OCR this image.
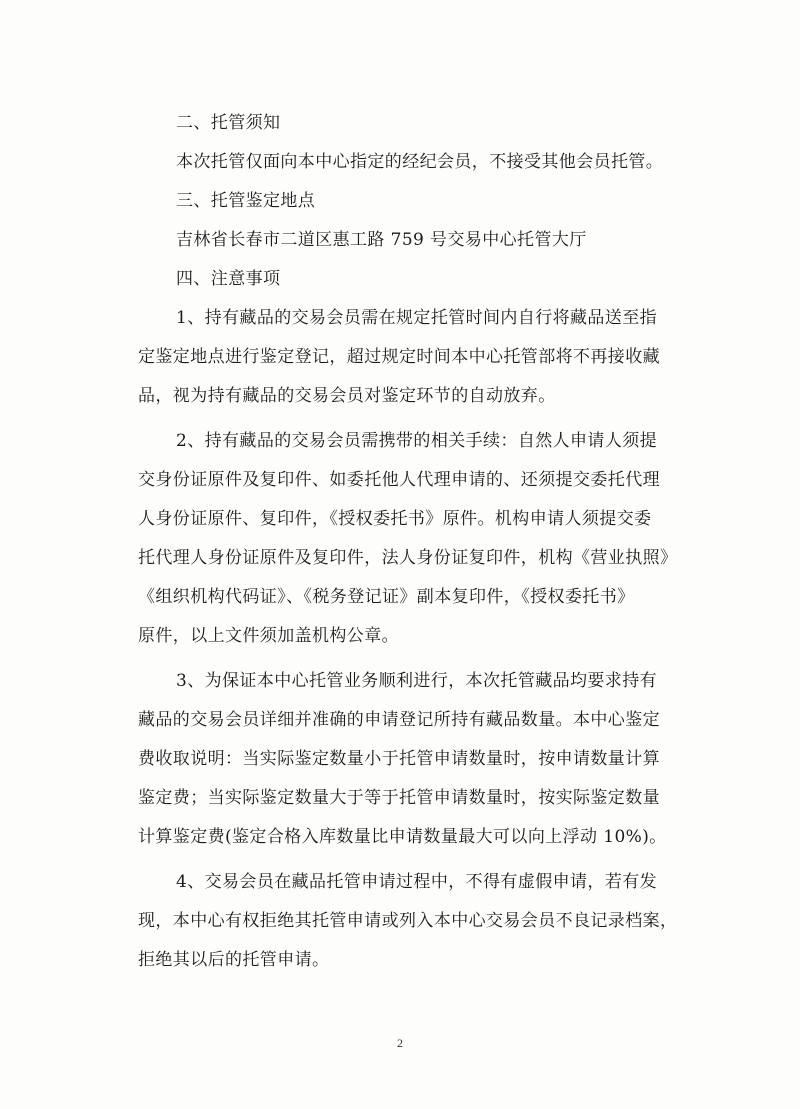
二、托管须知
本次托管仅面向本中心指定的经纪会员，不接受其他会员托管。
三、托管鉴定地点
吉林省长春市二道区惠工路 759 号交易中心托管大厅
四、注意事项
1、持有藏品的交易会员需在规定托管时间内自行将藏品送至指
定鉴定地点进行鉴定登记，超过规定时间本中心托管部将不再接收藏
品，视为持有藏品的交易会员对鉴定环节的自动放弃。
2、持有藏品的交易会员需携带的相关手续：自然人申请人须提
交身份证原件及复印件、如委托他人代理申请的、还须提交委托代理
人身份证原件、复印件，《授权委托书》原件。机构申请人须提交委
托代理人身份证原件及复印件，法人身份证复印件，机构《营业执照》
《组织机构代码证》、《税务登记证》副本复印件，《授权委托书》
原件，以上文件须加盖机构公章。
3、为保证本中心托管业务顺利进行，本次托管藏品均要求持有
藏品的交易会员详细并准确的申请登记所持有藏品数量。本中心鉴定
费收取说明：当实际鉴定数量小于托管申请数量时，按申请数量计算
鉴定费；当实际鉴定数量大于等于托管申请数量时，按实际鉴定数量
计算鉴定费(鉴定合格入库数量比申请数量最大可以向上浮动 10%)。
4、交易会员在藏品托管申请过程中，不得有虚假申请，若有发
现，本中心有权拒绝其托管申请或列入本中心交易会员不良记录档案，
拒绝其以后的托管申请。
2
